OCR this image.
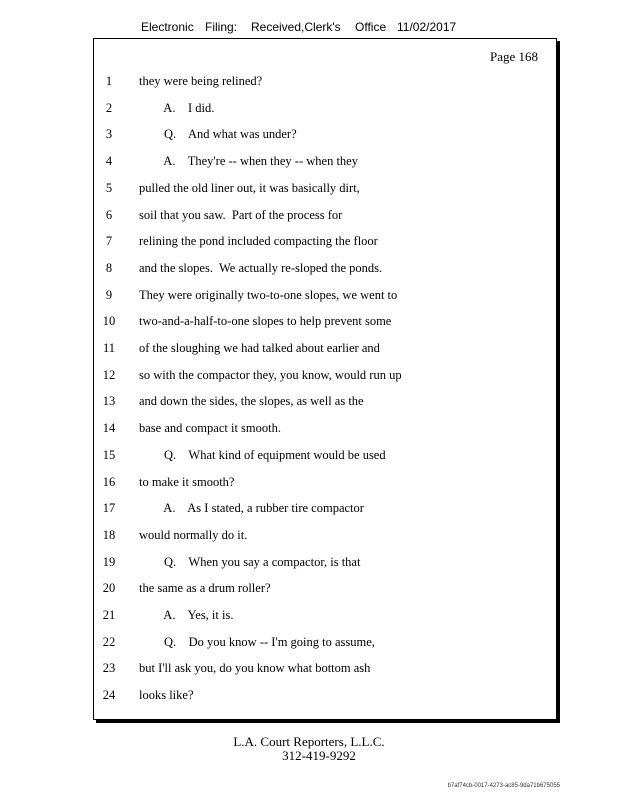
Electronic Filing: Received,Clerk's Office 11/02/2017
Page 168
1	they were being relined?
2	A.    I did.
3	Q.    And what was under?
4	A.    They're -- when they -- when they
5	pulled the old liner out, it was basically dirt,
6	soil that you saw.  Part of the process for
7	relining the pond included compacting the floor
8	and the slopes.  We actually re-sloped the ponds.
9	They were originally two-to-one slopes, we went to
10	two-and-a-half-to-one slopes to help prevent some
11	of the sloughing we had talked about earlier and
12	so with the compactor they, you know, would run up
13	and down the sides, the slopes, as well as the
14	base and compact it smooth.
15	Q.    What kind of equipment would be used
16	to make it smooth?
17	A.    As I stated, a rubber tire compactor
18	would normally do it.
19	Q.    When you say a compactor, is that
20	the same as a drum roller?
21	A.    Yes, it is.
22	Q.    Do you know -- I'm going to assume,
23	but I'll ask you, do you know what bottom ash
24	looks like?
L.A. Court Reporters, L.L.C.
312-419-9292
b7af74cb-0017-4273-ac85-9da71b675055
